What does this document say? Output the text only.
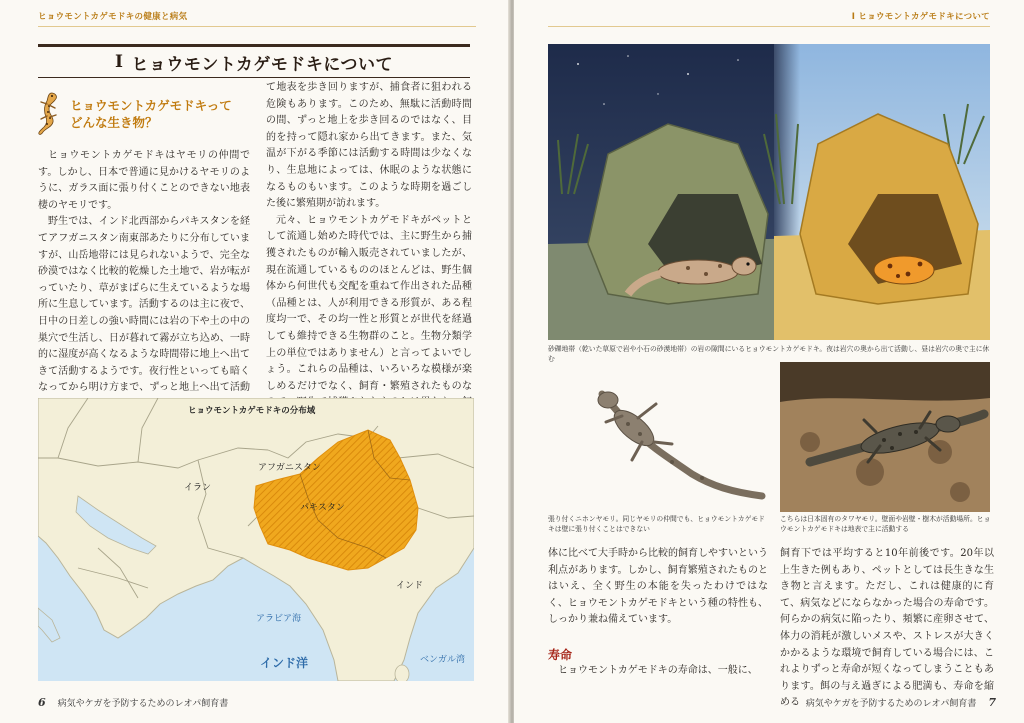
ヒョウモントカゲモドキの健康と病気
I ヒョウモントカゲモドキについて
ヒョウモントカゲモドキって
どんな生き物？

ヒョウモントカゲモドキはヤモリの仲間です。しかし、日本で普通に見かけるヤモリのように、ガラス面に張り付くことのできない地表棲のヤモリです。

野生では、インド北西部からパキスタンを経てアフガニスタン南東部あたりに分布していますが、山岳地帯には見られないようで、完全な砂漠ではなく比較的乾燥した土地で、岩が転がっていたり、草がまばらに生えているような場所に生息しています。活動するのは主に夜で、日中の日差しの強い時間には岩の下や土の中の巣穴で生活し、日が暮れて霧が立ち込め、一時的に湿度が高くなるような時間帯に地上へ出てきて活動するようです。夜行性といっても暗くなってから明け方まで、ずっと地上へ出て活動

て地表を歩き回りますが、捕食者に狙われる危険もあります。このため、無駄に活動時間の間、ずっと地上を歩き回るのではなく、目的を持って隠れ家から出てきます。また、気温が下がる季節には活動する時間は少なくなり、生息地によっては、休眠のような状態になるものもいます。このような時期を過ごした後に繁殖期が訪れます。

元々、ヒョウモントカゲモドキがペットとして流通し始めた時代では、主に野生から捕獲されたものが輸入販売されていましたが、現在流通しているもののほとんどは、野生個体から何世代も交配を重ねて作出された品種（品種とは、人が利用できる形質が、ある程度均一で、その均一性と形質とが世代を経過しても維持できる生物群のこと。生物分類学上の単位ではありません）と言ってよいでしょう。これらの品種は、いろいろな模様が楽しめるだけでなく、飼育・繁殖されたものな

ヒョウモントカゲモドキの分布域
イラン
アフガニスタン
パキスタン
インド
アラビア海
インド洋	ベンガル湾
6 病気やケガを予防するためのレオパ飼育書
I ヒョウモントカゲモドキについて
砂礫地帯（乾いた草原で岩や小石の砂漠地帯）の岩の隙間にいるヒョウモントカゲモドキ。夜は岩穴の奥から出て活動し、昼は岩穴の奥で主に休む
張り付くニホンヤモリ。同じヤモリの仲間でも、ヒョウモントカゲモドキは壁に張り付くことはできない
こちらは日本固有のタワヤモリ。壁面や岩壁・樹木が活動場所。ヒョウモントカゲモドキは地表で主に活動する

体に比べて大手時から比較的飼育しやすいという利点があります。しかし、飼育繁殖されたものとはいえ、全く野生の本能を失ったわけではなく、ヒョウモントカゲモドキという種の特性も、しっかり兼ね備えています。

寿命

ヒョウモントカゲモドキの寿命は、一般に、

飼育下では平均すると10年前後です。20年以上生きた例もあり、ペットとしては長生きな生き物と言えます。ただし、これは健康的に育て、病気などにならなかった場合の寿命です。何らかの病気に陥ったり、頻繁に産卵させて、体力の消耗が激しいメスや、ストレスが大きくかかるような環境で飼育している場合には、これよりずっと寿命が短くなってしまうこともあります。餌の与え過ぎによる肥満も、寿命を縮める 病気やケガを予防するためのレオパ飼育書 7
